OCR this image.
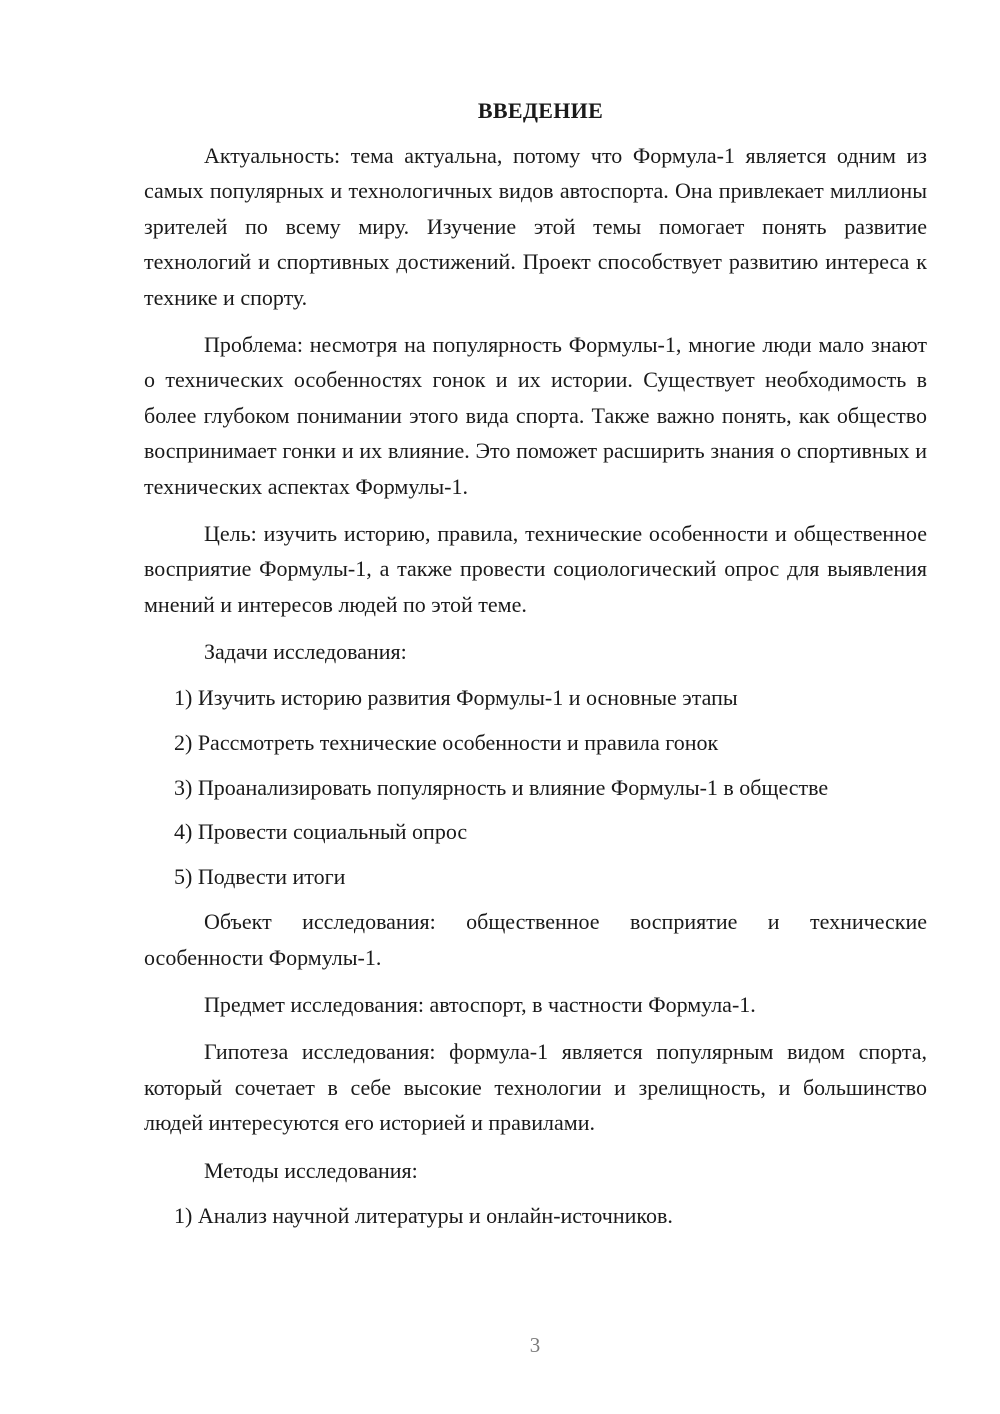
ВВЕДЕНИЕ

Актуальность: тема актуальна, потому что Формула-1 является одним из самых популярных и технологичных видов автоспорта. Она привлекает миллионы зрителей по всему миру. Изучение этой темы помогает понять развитие технологий и спортивных достижений. Проект способствует развитию интереса к технике и спорту.

Проблема: несмотря на популярность Формулы-1, многие люди мало знают о технических особенностях гонок и их истории. Существует необходимость в более глубоком понимании этого вида спорта. Также важно понять, как общество воспринимает гонки и их влияние. Это поможет расширить знания о спортивных и технических аспектах Формулы-1.

Цель: изучить историю, правила, технические особенности и общественное восприятие Формулы-1, а также провести социологический опрос для выявления мнений и интересов людей по этой теме.

Задачи исследования:

1) Изучить историю развития Формулы-1 и основные этапы
2) Рассмотреть технические особенности и правила гонок
3) Проанализировать популярность и влияние Формулы-1 в обществе
4) Провести социальный опрос
5) Подвести итоги

Объект исследования: общественное восприятие и технические особенности Формулы-1.

Предмет исследования: автоспорт, в частности Формула-1.

Гипотеза исследования: формула-1 является популярным видом спорта, который сочетает в себе высокие технологии и зрелищность, и большинство людей интересуются его историей и правилами.

Методы исследования:

1) Анализ научной литературы и онлайн-источников.
3
